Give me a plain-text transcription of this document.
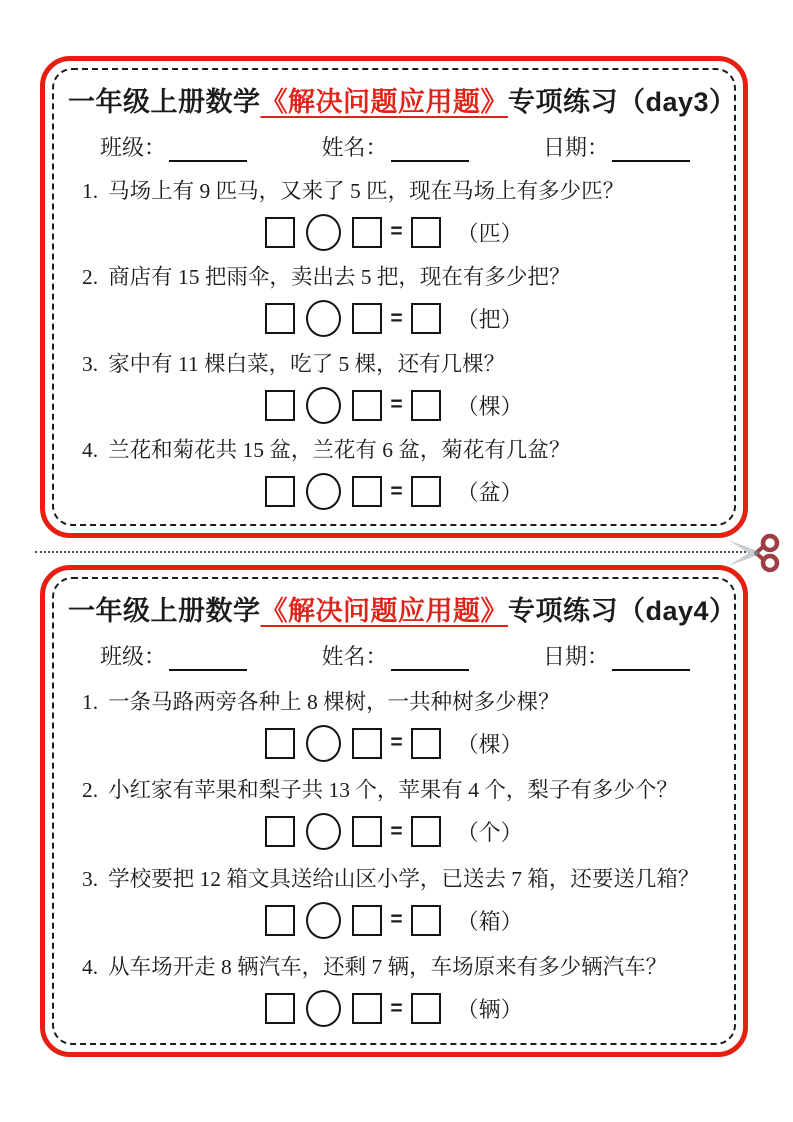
一年级上册数学《解决问题应用题》专项练习（day3）
班级：	姓名：	日期：
1. 马场上有 9 匹马，又来了 5 匹，现在马场上有多少匹？
= （匹）
2. 商店有 15 把雨伞，卖出去 5 把，现在有多少把？
= （把）
3. 家中有 11 棵白菜，吃了 5 棵，还有几棵？
= （棵）
4. 兰花和菊花共 15 盆，兰花有 6 盆，菊花有几盆？
= （盆）
一年级上册数学《解决问题应用题》专项练习（day4）
班级：	姓名：	日期：
1. 一条马路两旁各种上 8 棵树，一共种树多少棵？
= （棵）
2. 小红家有苹果和梨子共 13 个，苹果有 4 个，梨子有多少个？
= （个）
3. 学校要把 12 箱文具送给山区小学，已送去 7 箱，还要送几箱？
= （箱）
4. 从车场开走 8 辆汽车，还剩 7 辆，车场原来有多少辆汽车？
= （辆）
